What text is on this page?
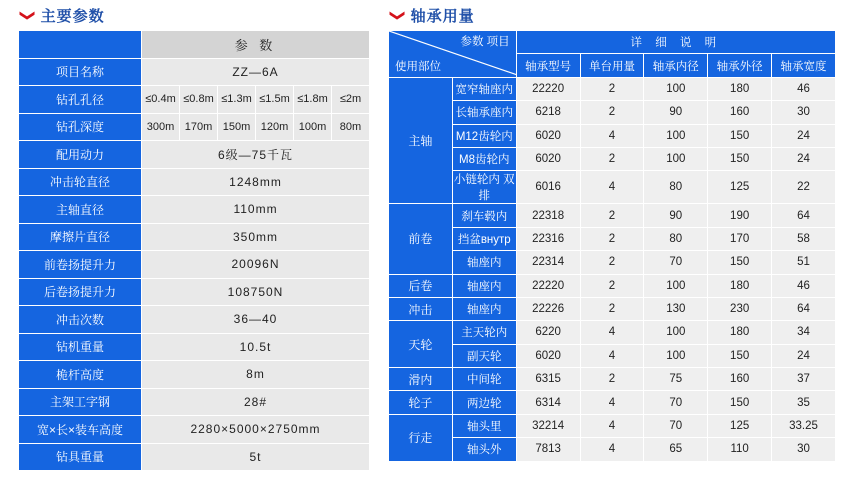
❮ 主要参数
	参 数					
项目名称	ZZ—6A					
钻孔孔径	≤0.4m	≤0.8m	≤1.3m	≤1.5m	≤1.8m	≤2m
钻孔深度	300m	170m	150m	120m	100m	80m
配用动力	6级—75千瓦					
冲击轮直径	1248mm					
主轴直径	110mm					
摩擦片直径	350mm					
前卷扬提升力	20096N					
后卷扬提升力	108750N					
冲击次数	36—40					
钻机重量	10.5t					
桅杆高度	8m					
主架工字钢	28#					
宽×长×装车高度	2280×5000×2750mm					
钻具重量	5t					
❮ 轴承用量
参数 项目
使用部位		详 细 说 明				
		轴承型号	单台用量	轴承内径	轴承外径	轴承宽度
主轴	宽窄轴座内	22220	2	100	180	46
	长轴承座内	6218	2	90	160	30
	M12齿轮内	6020	4	100	150	24
	M8齿轮内	6020	2	100	150	24
	小链轮内 双排	6016	4	80	125	22
前卷	刹车毂内	22318	2	90	190	64
	挡盆внутр	22316	2	80	170	58
	轴座内	22314	2	70	150	51
后卷	轴座内	22220	2	100	180	46
冲击	轴座内	22226	2	130	230	64
天轮	主天轮内	6220	4	100	180	34
	副天轮	6020	4	100	150	24
滑内	中间轮	6315	2	75	160	37
轮子	两边轮	6314	4	70	150	35
行走	轴头里	32214	4	70	125	33.25
	轴头外	7813	4	65	110	30
